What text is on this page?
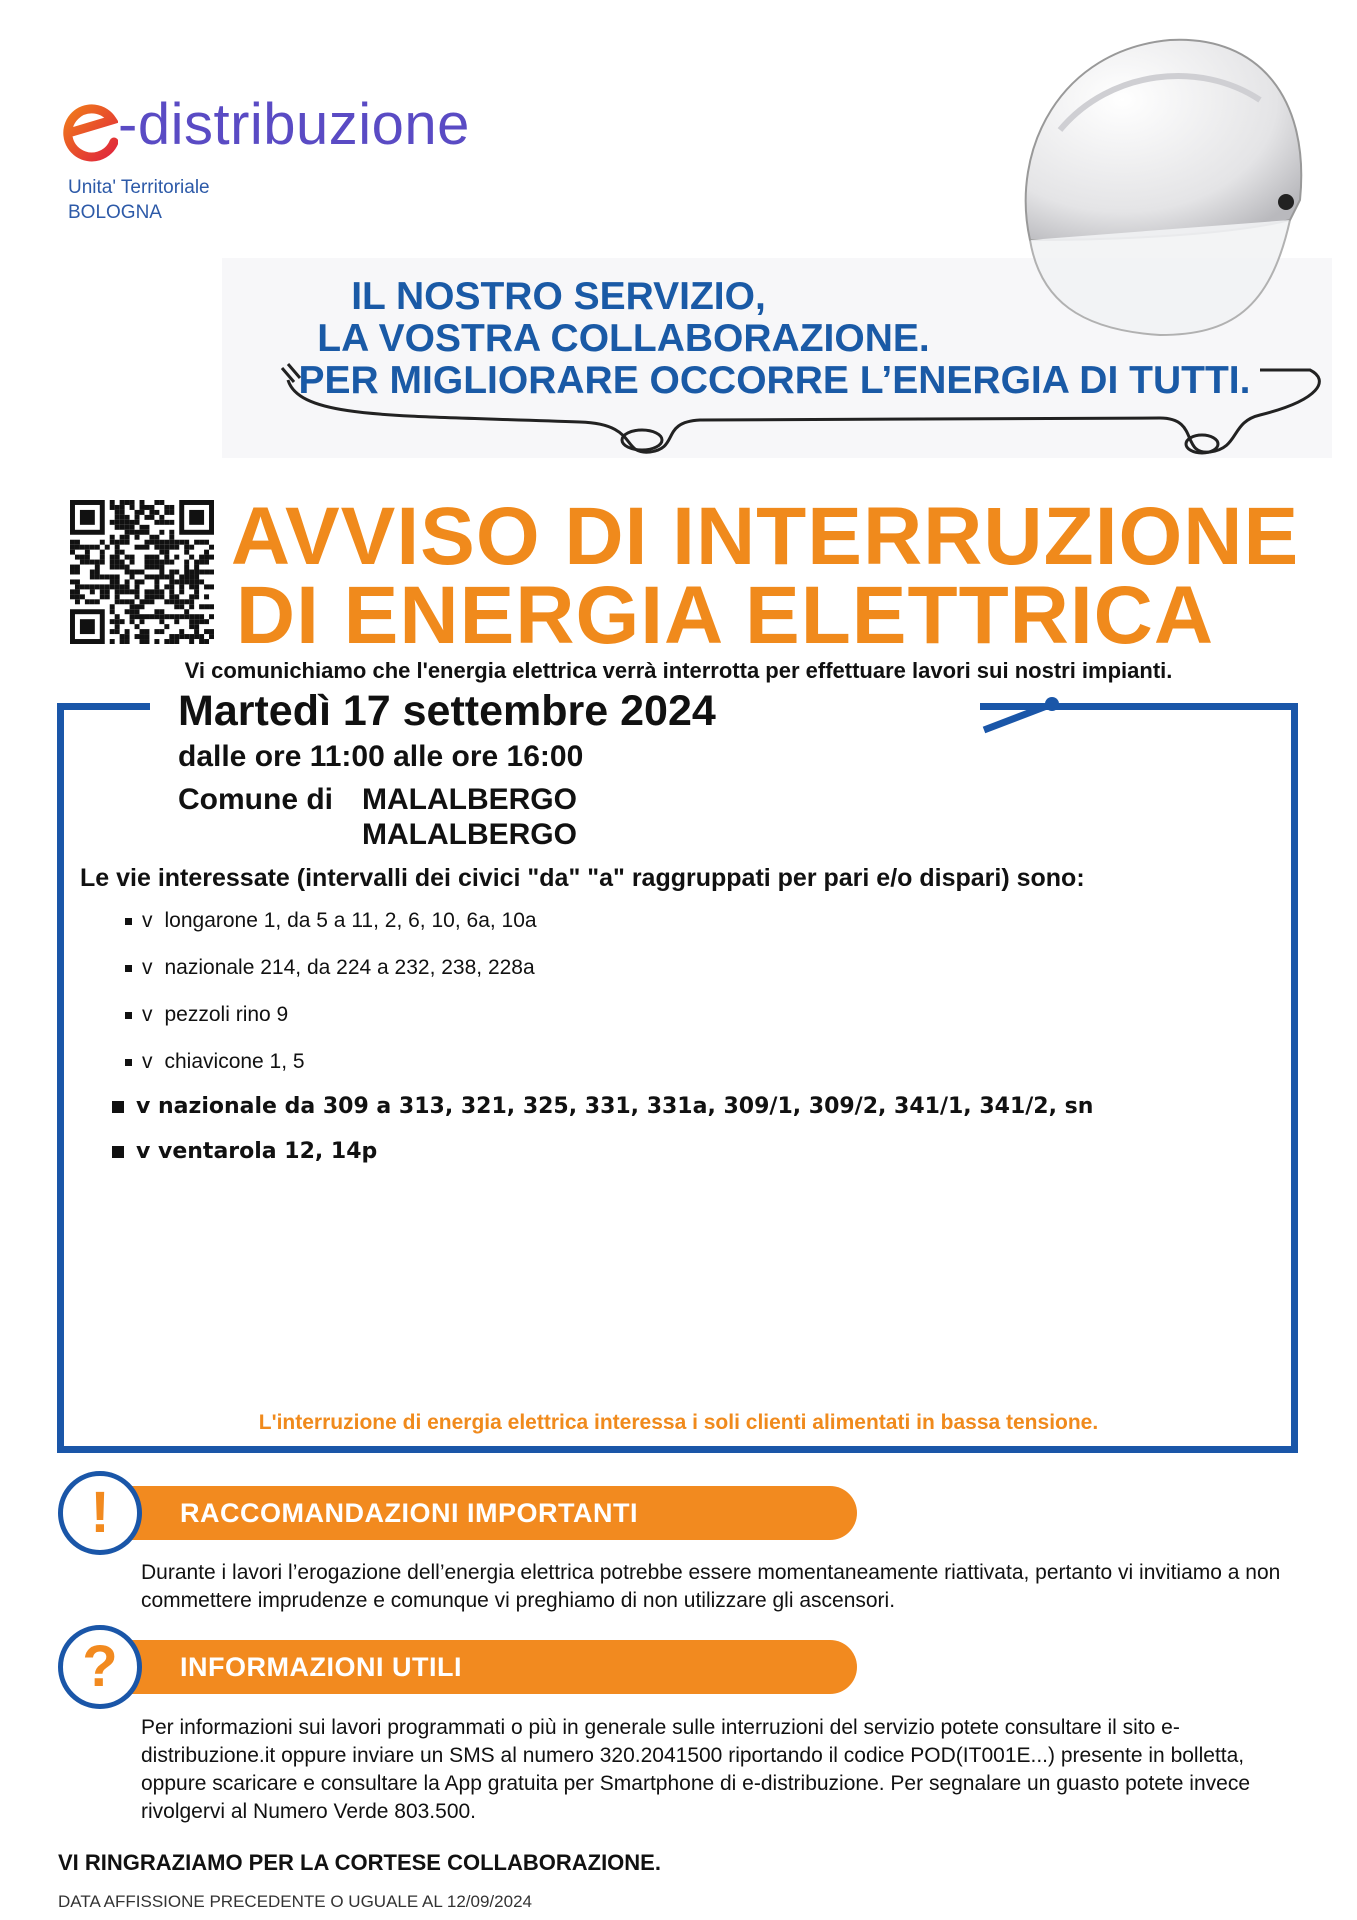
-distribuzione
Unita' Territoriale
BOLOGNA
IL NOSTRO SERVIZIO,
LA VOSTRA COLLABORAZIONE.
PER MIGLIORARE OCCORRE L’ENERGIA DI TUTTI.
AVVISO DI INTERRUZIONE
DI ENERGIA ELETTRICA
Vi comunichiamo che l'energia elettrica verrà interrotta per effettuare lavori sui nostri impianti.
Martedì 17 settembre 2024
dalle ore 11:00 alle ore 16:00
Comune di MALALBERGO
MALALBERGO
Le vie interessate (intervalli dei civici "da" "a" raggruppati per pari e/o dispari) sono:
v longarone 1, da 5 a 11, 2, 6, 10, 6a, 10a
v nazionale 214, da 224 a 232, 238, 228a
v pezzoli rino 9
v chiavicone 1, 5
v nazionale da 309 a 313, 321, 325, 331, 331a, 309/1, 309/2, 341/1, 341/2, sn
v ventarola 12, 14p
L'interruzione di energia elettrica interessa i soli clienti alimentati in bassa tensione.
RACCOMANDAZIONI IMPORTANTI
!
Durante i lavori l’erogazione dell’energia elettrica potrebbe essere momentaneamente riattivata, pertanto vi invitiamo a non commettere imprudenze e comunque vi preghiamo di non utilizzare gli ascensori.
INFORMAZIONI UTILI
?
Per informazioni sui lavori programmati o più in generale sulle interruzioni del servizio potete consultare il sito e-distribuzione.it oppure inviare un SMS al numero 320.2041500 riportando il codice POD(IT001E...) presente in bolletta, oppure scaricare e consultare la App gratuita per Smartphone di e-distribuzione. Per segnalare un guasto potete invece rivolgervi al Numero Verde 803.500.
VI RINGRAZIAMO PER LA CORTESE COLLABORAZIONE.
DATA AFFISSIONE PRECEDENTE O UGUALE AL 12/09/2024
